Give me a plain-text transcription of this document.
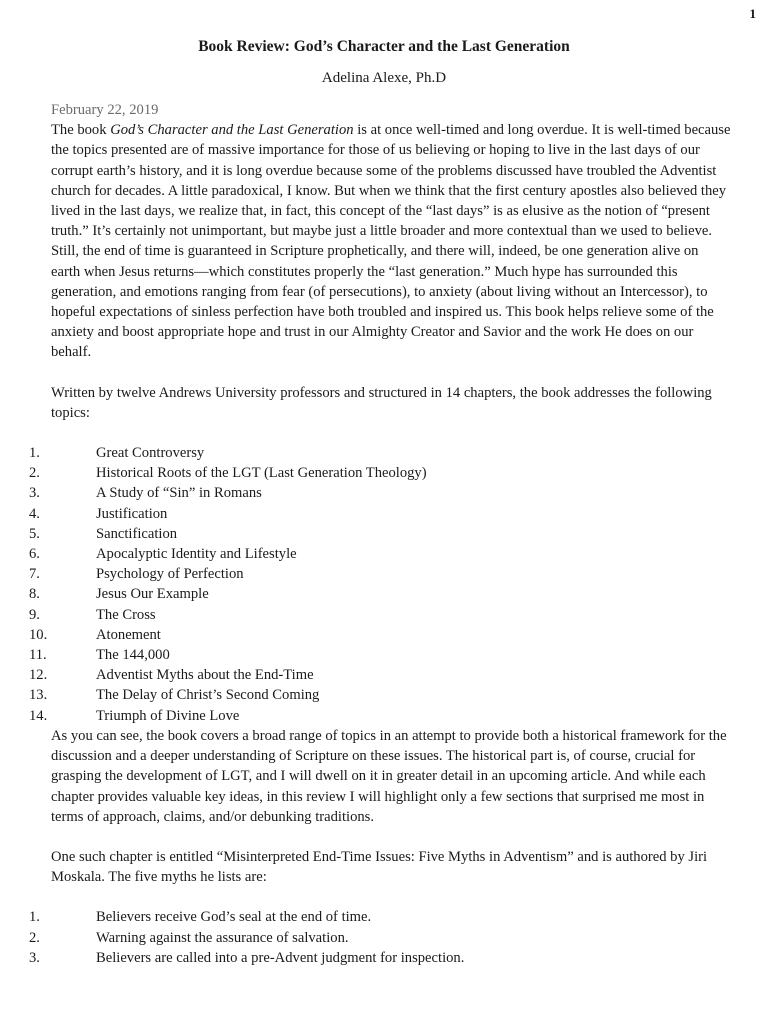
1
Book Review: God’s Character and the Last Generation
Adelina Alexe, Ph.D

February 22, 2019

The book God’s Character and the Last Generation is at once well-timed and long overdue. It is well-timed because the topics presented are of massive importance for those of us believing or hoping to live in the last days of our corrupt earth’s history, and it is long overdue because some of the problems discussed have troubled the Adventist church for decades. A little paradoxical, I know. But when we think that the first century apostles also believed they lived in the last days, we realize that, in fact, this concept of the “last days” is as elusive as the notion of “present truth.” It’s certainly not unimportant, but maybe just a little broader and more contextual than we used to believe.

Still, the end of time is guaranteed in Scripture prophetically, and there will, indeed, be one generation alive on earth when Jesus returns—which constitutes properly the “last generation.” Much hype has surrounded this generation, and emotions ranging from fear (of persecutions), to anxiety (about living without an Intercessor), to hopeful expectations of sinless perfection have both troubled and inspired us. This book helps relieve some of the anxiety and boost appropriate hope and trust in our Almighty Creator and Savior and the work He does on our behalf.

Written by twelve Andrews University professors and structured in 14 chapters, the book addresses the following topics:

1.	Great Controversy
2.	Historical Roots of the LGT (Last Generation Theology)
3.	A Study of “Sin” in Romans
4.	Justification
5.	Sanctification
6.	Apocalyptic Identity and Lifestyle
7.	Psychology of Perfection
8.	Jesus Our Example
9.	The Cross
10.	Atonement
11.	The 144,000
12.	Adventist Myths about the End-Time
13.	The Delay of Christ’s Second Coming
14.	Triumph of Divine Love

As you can see, the book covers a broad range of topics in an attempt to provide both a historical framework for the discussion and a deeper understanding of Scripture on these issues. The historical part is, of course, crucial for grasping the development of LGT, and I will dwell on it in greater detail in an upcoming article. And while each chapter provides valuable key ideas, in this review I will highlight only a few sections that surprised me most in terms of approach, claims, and/or debunking traditions.

One such chapter is entitled “Misinterpreted End-Time Issues: Five Myths in Adventism” and is authored by Jiri Moskala. The five myths he lists are:

1.	Believers receive God’s seal at the end of time.
2.	Warning against the assurance of salvation.
3.	Believers are called into a pre-Advent judgment for inspection.
